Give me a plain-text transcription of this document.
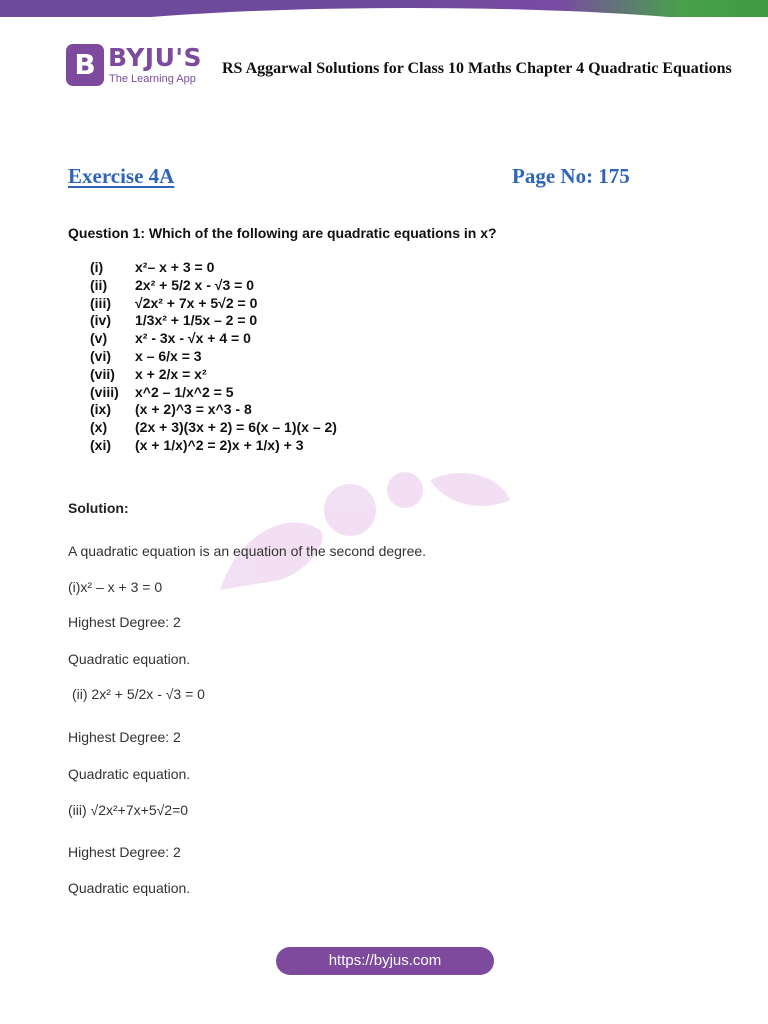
B BYJU'S
The Learning App
RS Aggarwal Solutions for Class 10 Maths Chapter 4 Quadratic Equations
Exercise 4A	Page No: 175
Question 1: Which of the following are quadratic equations in x?
(i) x²– x + 3 = 0
(ii) 2x² + 5/2 x - √3 = 0
(iii) √2x² + 7x + 5√2 = 0
(iv) 1/3x² + 1/5x – 2 = 0
(v) x² - 3x - √x + 4 = 0
(vi) x – 6/x = 3
(vii) x + 2/x = x²
(viii) x^2 – 1/x^2 = 5
(ix) (x + 2)^3 = x^3 - 8
(x) (2x + 3)(3x + 2) = 6(x – 1)(x – 2)
(xi) (x + 1/x)^2 = 2)x + 1/x) + 3
Solution:
A quadratic equation is an equation of the second degree.
(i)x² – x + 3 = 0
Highest Degree: 2
Quadratic equation.
(ii) 2x² + 5/2x - √3 = 0
Highest Degree: 2
Quadratic equation.
(iii) √2x²+7x+5√2=0
Highest Degree: 2
Quadratic equation.
https://byjus.com
